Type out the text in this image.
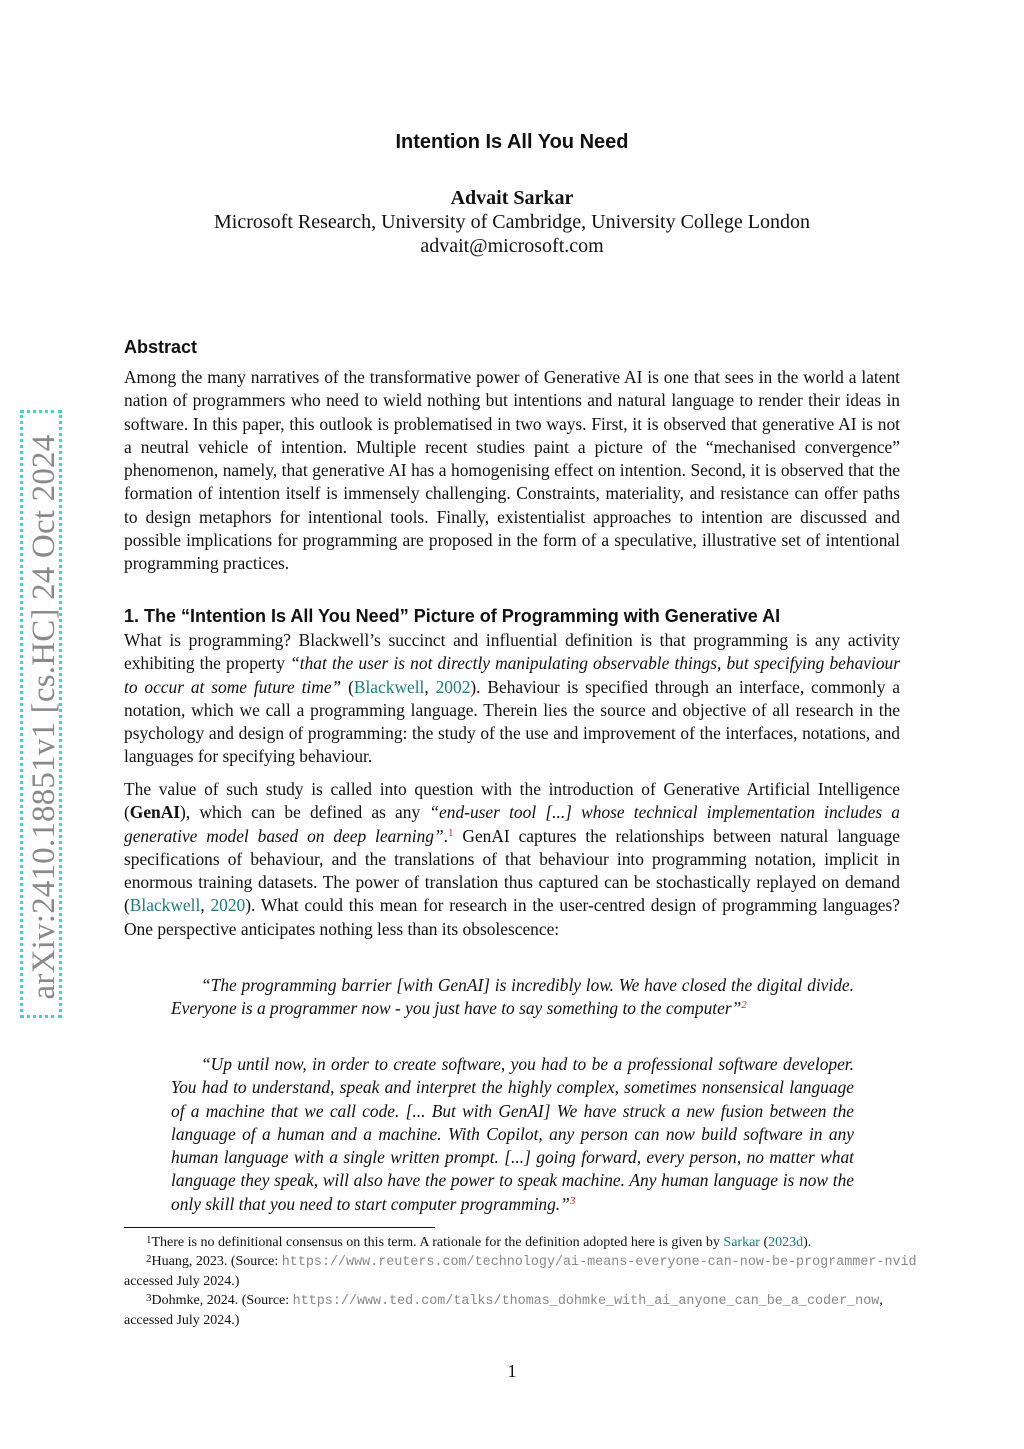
arXiv:2410.18851v1 [cs.HC] 24 Oct 2024
Intention Is All You Need
Advait Sarkar
Microsoft Research, University of Cambridge, University College London
advait@microsoft.com
Abstract
Among the many narratives of the transformative power of Generative AI is one that sees in the world a latent nation of programmers who need to wield nothing but intentions and natural language to render their ideas in software. In this paper, this outlook is problematised in two ways. First, it is observed that generative AI is not a neutral vehicle of intention. Multiple recent studies paint a picture of the “mechanised convergence” phenomenon, namely, that generative AI has a homogenising effect on intention. Second, it is observed that the formation of intention itself is immensely challenging. Constraints, materiality, and resistance can offer paths to design metaphors for intentional tools. Finally, existentialist approaches to intention are discussed and possible implications for programming are proposed in the form of a speculative, illustrative set of intentional programming practices.
1. The “Intention Is All You Need” Picture of Programming with Generative AI
What is programming? Blackwell’s succinct and influential definition is that programming is any activity exhibiting the property “that the user is not directly manipulating observable things, but specifying behaviour to occur at some future time” (Blackwell, 2002). Behaviour is specified through an interface, commonly a notation, which we call a programming language. Therein lies the source and objective of all research in the psychology and design of programming: the study of the use and improvement of the interfaces, notations, and languages for specifying behaviour.
The value of such study is called into question with the introduction of Generative Artificial Intelligence (GenAI), which can be defined as any “end-user tool [...] whose technical implementation includes a generative model based on deep learning”.$^1$ GenAI captures the relationships between natural language specifications of behaviour, and the translations of that behaviour into programming notation, implicit in enormous training datasets. The power of translation thus captured can be stochastically replayed on demand (Blackwell, 2020). What could this mean for research in the user-centred design of programming languages? One perspective anticipates nothing less than its obsolescence:
“The programming barrier [with GenAI] is incredibly low. We have closed the digital divide. Everyone is a programmer now - you just have to say something to the computer”$^2$
“Up until now, in order to create software, you had to be a professional software developer. You had to understand, speak and interpret the highly complex, sometimes nonsensical language of a machine that we call code. [... But with GenAI] We have struck a new fusion between the language of a human and a machine. With Copilot, any person can now build software in any human language with a single written prompt. [...] going forward, every person, no matter what language they speak, will also have the power to speak machine. Any human language is now the only skill that you need to start computer programming.”$^3$
$^1$There is no definitional consensus on this term. A rationale for the definition adopted here is given by Sarkar (2023d).
$^2$Huang, 2023. (Source: https://www.reuters.com/technology/ai-means-everyone-can-now-be-programmer-nvid
accessed July 2024.)
$^3$Dohmke, 2024. (Source: https://www.ted.com/talks/thomas_dohmke_with_ai_anyone_can_be_a_coder_now,
accessed July 2024.)
1
